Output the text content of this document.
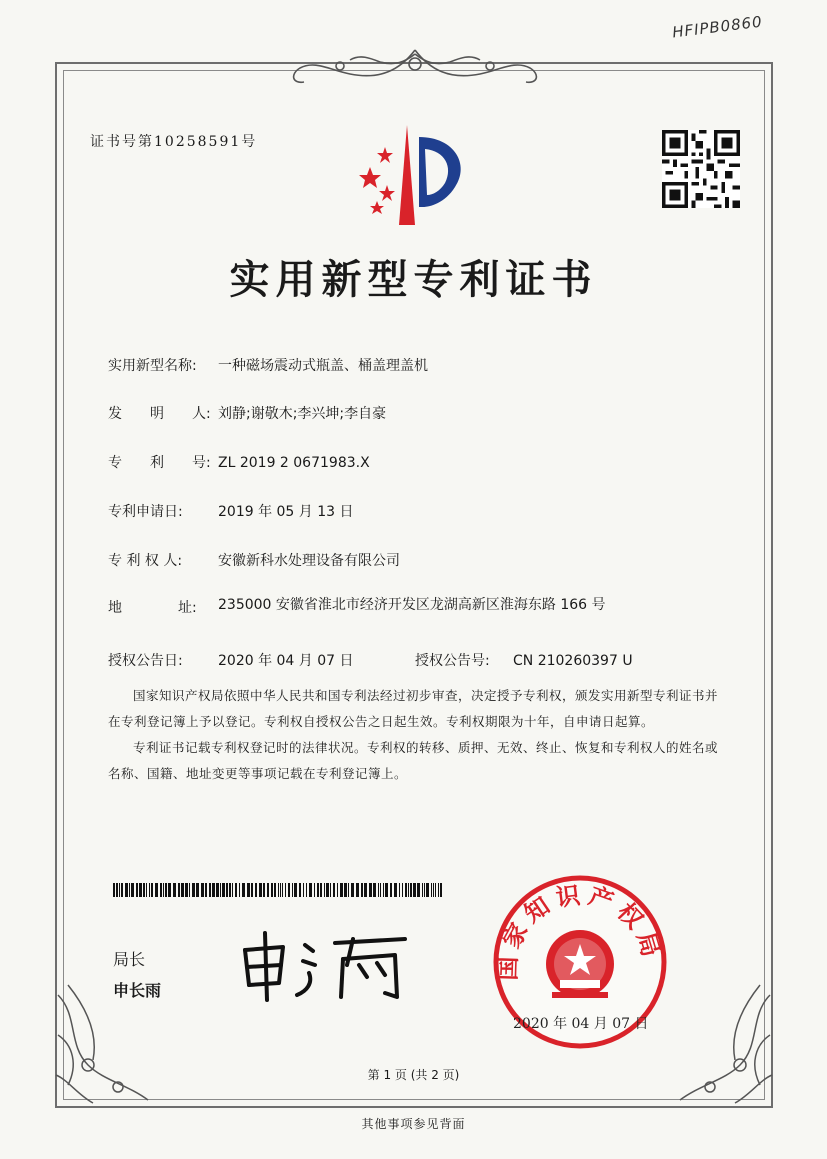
HFIPB0860
证书号第10258591号
实用新型专利证书
实用新型名称: 一种磁场震动式瓶盖、桶盖理盖机
发　　明　　人: 刘静;谢敬木;李兴坤;李自豪
专　　利　　号: ZL 2019 2 0671983.X
专利申请日:	2019 年 05 月 13 日
专 利 权 人:	安徽新科水处理设备有限公司
地　　　　址: 235000 安徽省淮北市经济开发区龙湖高新区淮海东路 166 号
授权公告日:	2020 年 04 月 07 日	授权公告号: CN 210260397 U

国家知识产权局依照中华人民共和国专利法经过初步审查，决定授予专利权，颁发实用新型专利证书并在专利登记簿上予以登记。专利权自授权公告之日起生效。专利权期限为十年，自申请日起算。

专利证书记载专利权登记时的法律状况。专利权的转移、质押、无效、终止、恢复和专利权人的姓名或名称、国籍、地址变更等事项记载在专利登记簿上。

局长
申长雨
国家知识产权局
2020 年 04 月 07 日
第 1 页 (共 2 页)
其他事项参见背面
